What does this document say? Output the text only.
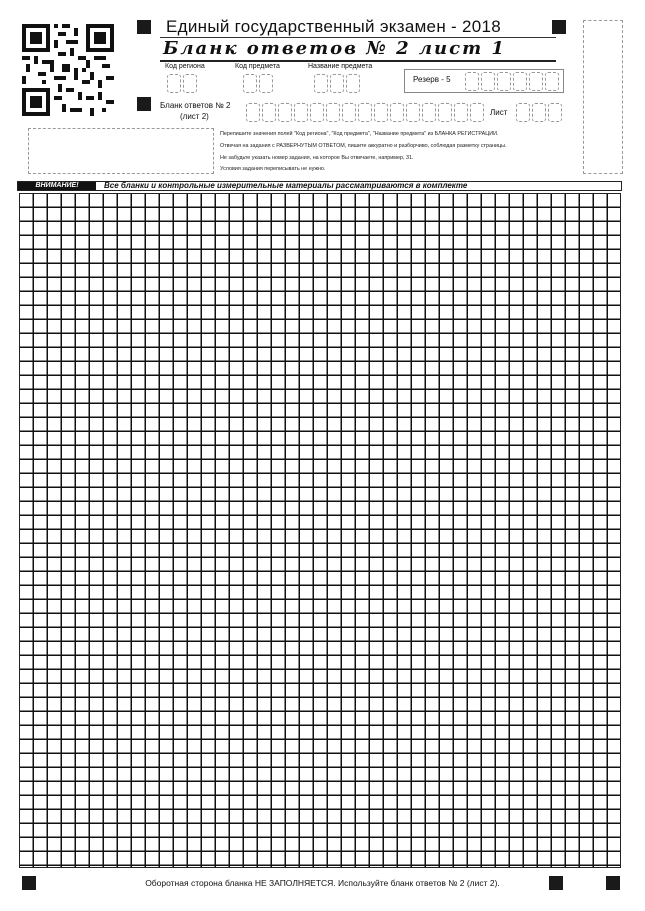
Единый государственный экзамен - 2018
Бланк ответов № 2 лист 1
Код региона	Код предмета	Название предмета
Резерв - 5
Бланк ответов № 2
(лист 2)	Лист
Перепишите значения полей "Код региона", "Код предмета", "Название предмета" из БЛАНКА РЕГИСТРАЦИИ.
Отвечая на задания с РАЗВЕРНУТЫМ ОТВЕТОМ, пишите аккуратно и разборчиво, соблюдая разметку страницы.
Не забудьте указать номер задания, на которое Вы отвечаете, например, 31.
Условия задания переписывать не нужно.
ВНИМАНИЕ!	Все бланки и контрольные измерительные материалы рассматриваются в комплекте
Оборотная сторона бланка НЕ ЗАПОЛНЯЕТСЯ. Используйте бланк ответов № 2 (лист 2).
